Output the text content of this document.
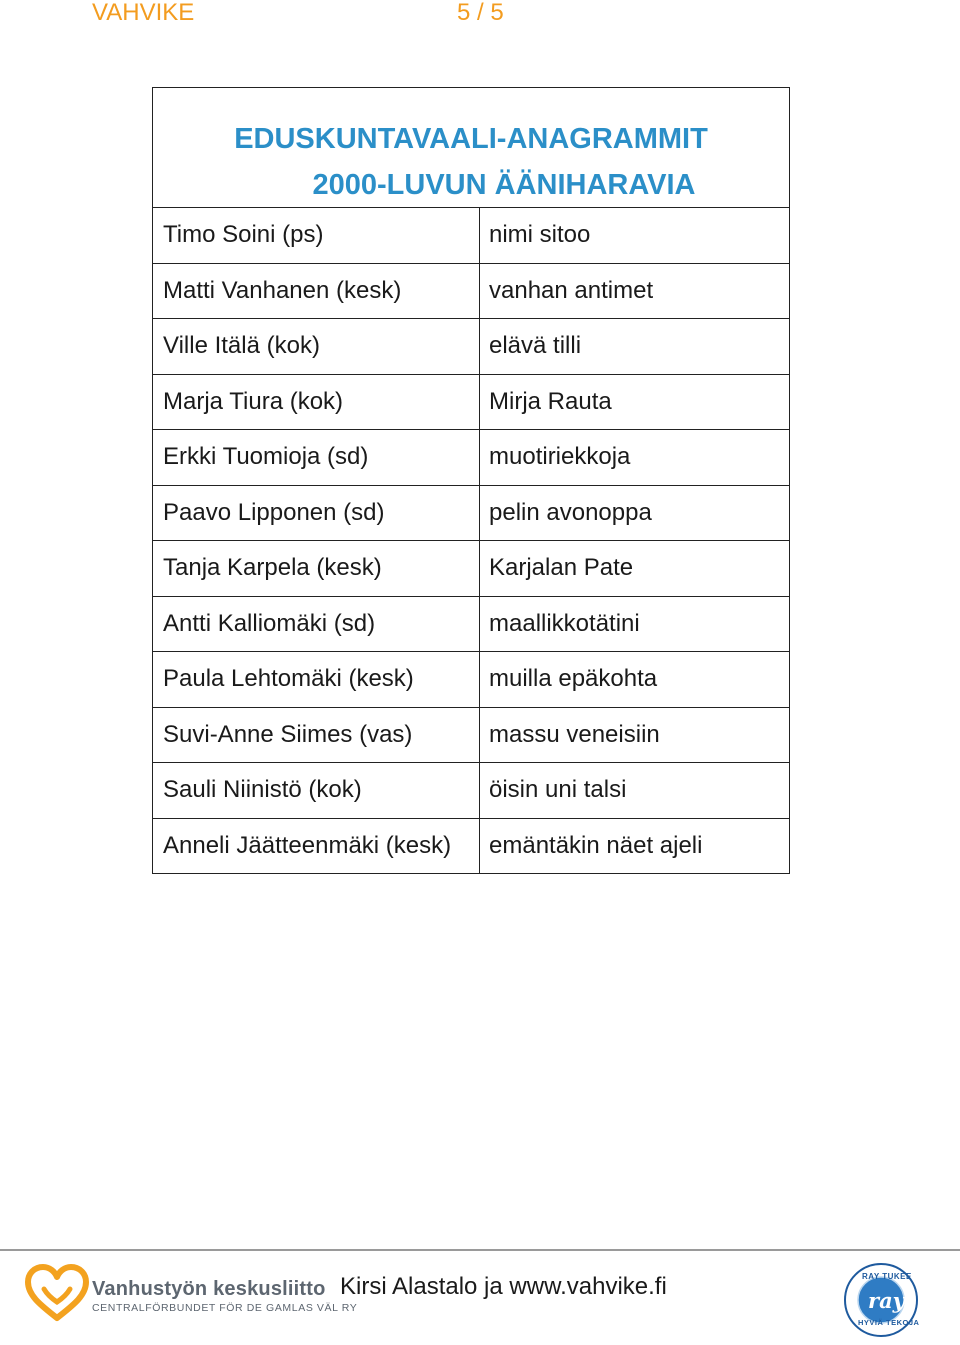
VAHVIKE	5 / 5
EDUSKUNTAVAALI-ANAGRAMMIT
2000-LUVUN ÄÄNIHARAVIA
Timo Soini (ps)	nimi sitoo
Matti Vanhanen (kesk)	vanhan antimet
Ville Itälä (kok)	elävä tilli
Marja Tiura (kok)	Mirja Rauta
Erkki Tuomioja (sd)	muotiriekkoja
Paavo Lipponen (sd)	pelin avonoppa
Tanja Karpela (kesk)	Karjalan Pate
Antti Kalliomäki (sd)	maallikkotätini
Paula Lehtomäki (kesk)	muilla epäkohta
Suvi-Anne Siimes (vas)	massu veneisiin
Sauli Niinistö (kok)	öisin uni talsi
Anneli Jäätteenmäki (kesk)	emäntäkin näet ajeli
Vanhustyön keskusliitto
CENTRALFÖRBUNDET FÖR DE GAMLAS VÄL RY
Kirsi Alastalo ja www.vahvike.fi	RAY TUKEE
ray
HYVIÄ TEKOJA
